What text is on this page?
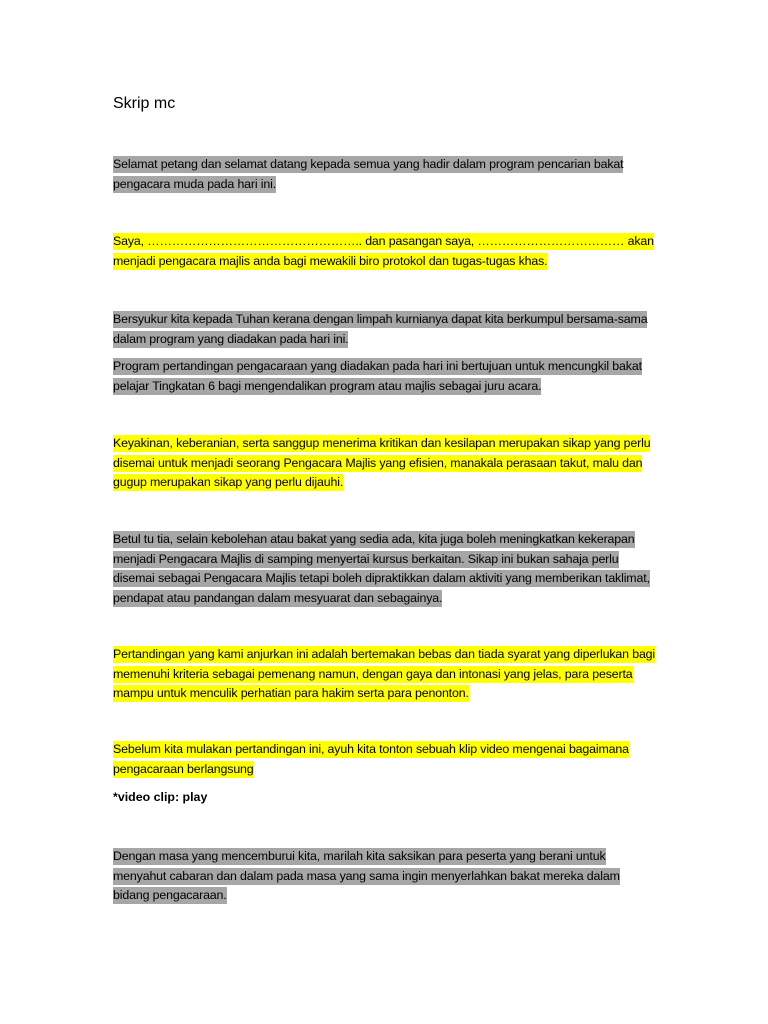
Skrip mc

Selamat petang dan selamat datang kepada semua yang hadir dalam program pencarian bakat pengacara muda pada hari ini.

Saya, …………………………………………….. dan pasangan saya, ……………………………… akan menjadi pengacara majlis anda bagi mewakili biro protokol dan tugas-tugas khas.

Bersyukur kita kepada Tuhan kerana dengan limpah kurnianya dapat kita berkumpul bersama-sama dalam program yang diadakan pada hari ini.

Program pertandingan pengacaraan yang diadakan pada hari ini bertujuan untuk mencungkil bakat pelajar Tingkatan 6 bagi mengendalikan program atau majlis sebagai juru acara.

Keyakinan, keberanian, serta sanggup menerima kritikan dan kesilapan merupakan sikap yang perlu disemai untuk menjadi seorang Pengacara Majlis yang efisien, manakala perasaan takut, malu dan gugup merupakan sikap yang perlu dijauhi.

Betul tu tia, selain kebolehan atau bakat yang sedia ada, kita juga boleh meningkatkan kekerapan menjadi Pengacara Majlis di samping menyertai kursus berkaitan. Sikap ini bukan sahaja perlu disemai sebagai Pengacara Majlis tetapi boleh dipraktikkan dalam aktiviti yang memberikan taklimat, pendapat atau pandangan dalam mesyuarat dan sebagainya.

Pertandingan yang kami anjurkan ini adalah bertemakan bebas dan tiada syarat yang diperlukan bagi memenuhi kriteria sebagai pemenang namun, dengan gaya dan intonasi yang jelas, para peserta mampu untuk menculik perhatian para hakim serta para penonton.

Sebelum kita mulakan pertandingan ini, ayuh kita tonton sebuah klip video mengenai bagaimana pengacaraan berlangsung

*video clip: play

Dengan masa yang mencemburui kita, marilah kita saksikan para peserta yang berani untuk menyahut cabaran dan dalam pada masa yang sama ingin menyerlahkan bakat mereka dalam bidang pengacaraan.
